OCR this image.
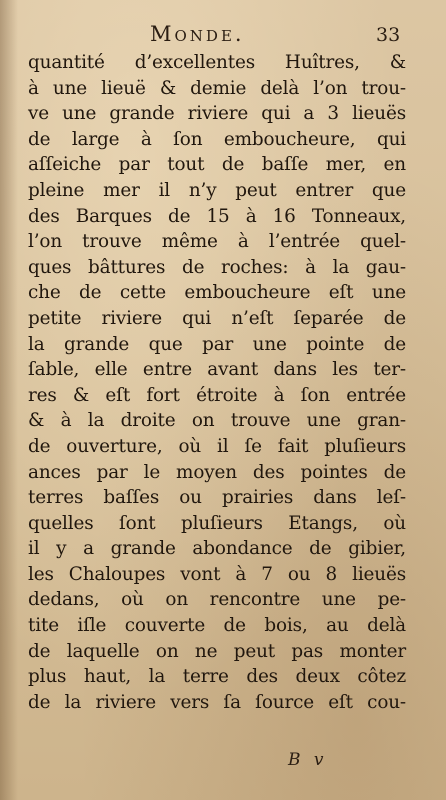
Monde.	33
quantité d’excellentes Huîtres, &
à une lieuë & demie delà l’on trou-
ve une grande riviere qui a 3 lieuës
de large à ſon emboucheure, qui
aſſeiche par tout de baſſe mer, en
pleine mer il n’y peut entrer que
des Barques de 15 à 16 Tonneaux,
l’on trouve même à l’entrée quel-
ques bâttures de roches: à la gau-
che de cette emboucheure eſt une
petite riviere qui n’eſt ſeparée de
la grande que par une pointe de
ſable, elle entre avant dans les ter-
res & eſt fort étroite à ſon entrée
& à la droite on trouve une gran-
de ouverture, où il ſe fait pluſieurs
ances par le moyen des pointes de
terres baſſes ou prairies dans leſ-
quelles ſont pluſieurs Etangs, où
il y a grande abondance de gibier,
les Chaloupes vont à 7 ou 8 lieuës
dedans, où on rencontre une pe-
tite iſle couverte de bois, au delà
de laquelle on ne peut pas monter
plus haut, la terre des deux côtez
de la riviere vers ſa ſource eſt cou-
B v
